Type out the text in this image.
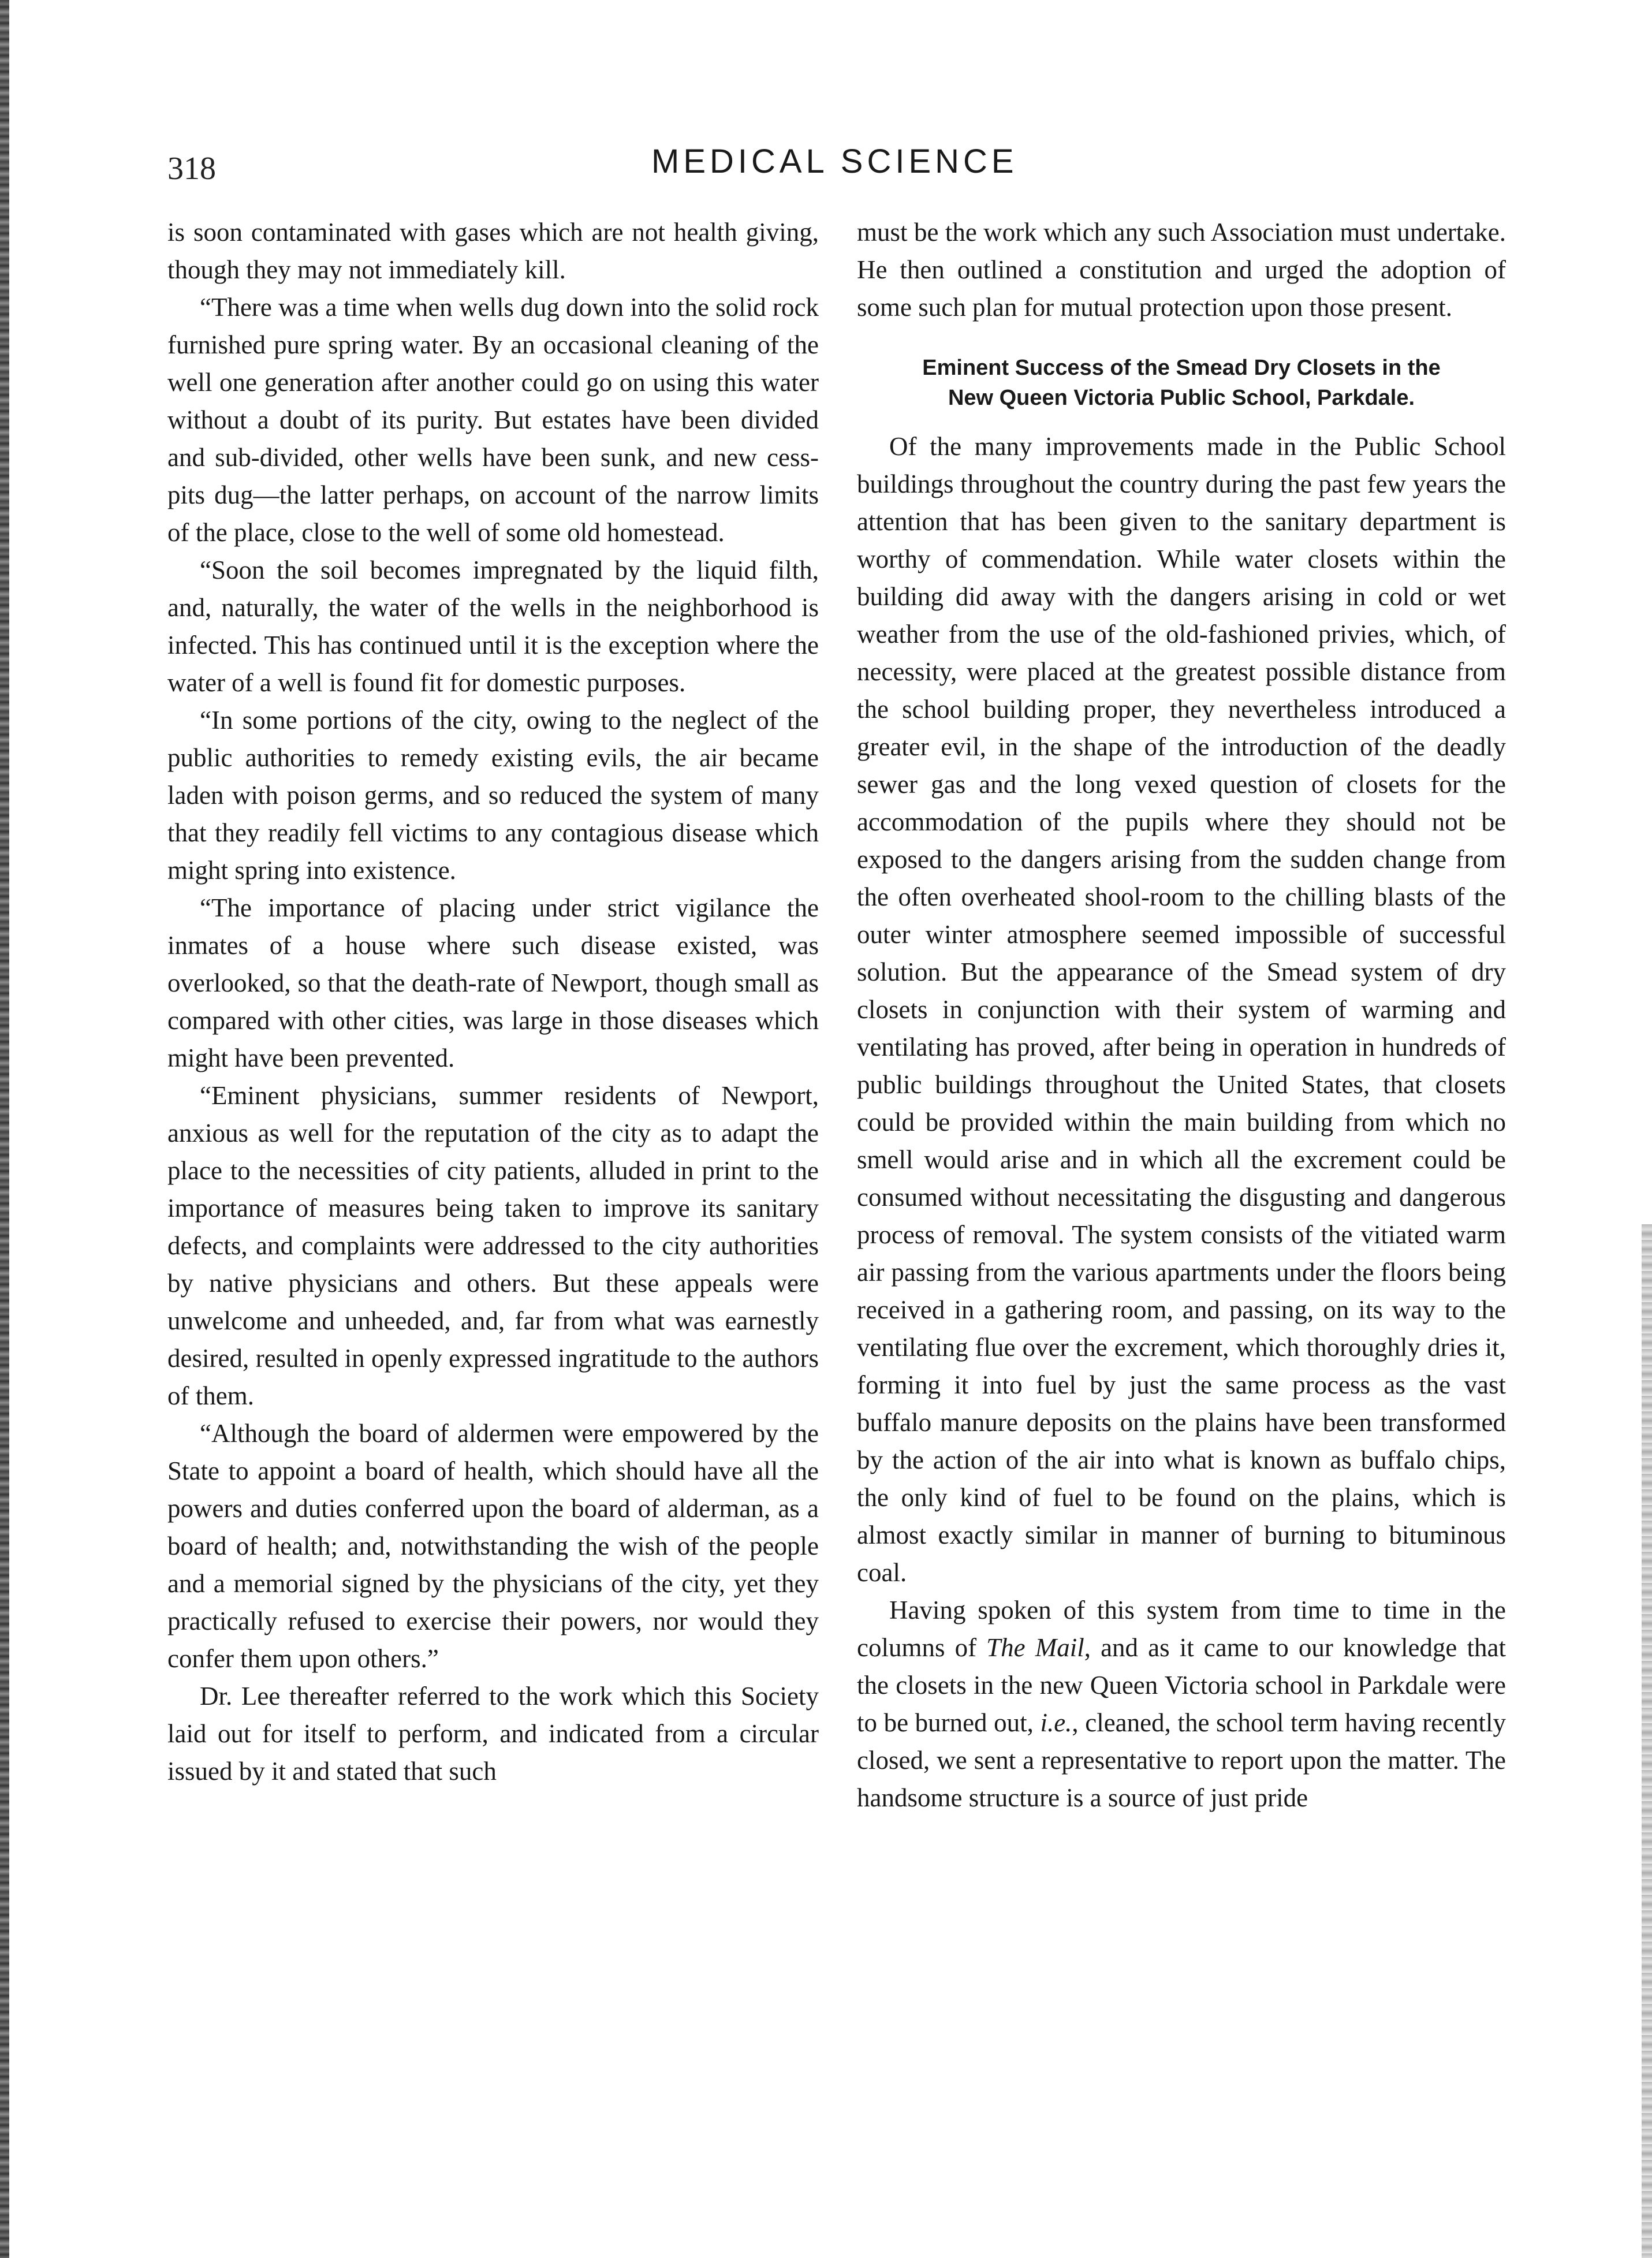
318	MEDICAL SCIENCE

is soon contaminated with gases which are not health giving, though they may not immediately kill.

“There was a time when wells dug down into the solid rock furnished pure spring water. By an occasional cleaning of the well one generation after another could go on using this water without a doubt of its purity. But estates have been divided and sub-divided, other wells have been sunk, and new cess-pits dug—the latter perhaps, on account of the narrow limits of the place, close to the well of some old homestead.

“Soon the soil becomes impregnated by the liquid filth, and, naturally, the water of the wells in the neighborhood is infected. This has continued until it is the exception where the water of a well is found fit for domestic purposes.

“In some portions of the city, owing to the neglect of the public authorities to remedy existing evils, the air became laden with poison germs, and so reduced the system of many that they readily fell victims to any contagious disease which might spring into existence.

“The importance of placing under strict vigilance the inmates of a house where such disease existed, was overlooked, so that the death-rate of Newport, though small as compared with other cities, was large in those diseases which might have been prevented.

“Eminent physicians, summer residents of Newport, anxious as well for the reputation of the city as to adapt the place to the necessities of city patients, alluded in print to the importance of measures being taken to improve its sanitary defects, and complaints were addressed to the city authorities by native physicians and others. But these appeals were unwelcome and unheeded, and, far from what was earnestly desired, resulted in openly expressed ingratitude to the authors of them.

“Although the board of aldermen were empowered by the State to appoint a board of health, which should have all the powers and duties conferred upon the board of alderman, as a board of health; and, notwithstanding the wish of the people and a memorial signed by the physicians of the city, yet they practically refused to exercise their powers, nor would they confer them upon others.”

Dr. Lee thereafter referred to the work which this Society laid out for itself to perform, and indicated from a circular issued by it and stated that such

must be the work which any such Association must undertake. He then outlined a constitution and urged the adoption of some such plan for mutual protection upon those present.

Eminent Success of the Smead Dry Closets in the
New Queen Victoria Public School, Parkdale.

Of the many improvements made in the Public School buildings throughout the country during the past few years the attention that has been given to the sanitary department is worthy of commendation. While water closets within the building did away with the dangers arising in cold or wet weather from the use of the old-fashioned privies, which, of necessity, were placed at the greatest possible distance from the school building proper, they nevertheless introduced a greater evil, in the shape of the introduction of the deadly sewer gas and the long vexed question of closets for the accommodation of the pupils where they should not be exposed to the dangers arising from the sudden change from the often overheated shool-room to the chilling blasts of the outer winter atmosphere seemed impossible of successful solution. But the appearance of the Smead system of dry closets in conjunction with their system of warming and ventilating has proved, after being in operation in hundreds of public buildings throughout the United States, that closets could be provided within the main building from which no smell would arise and in which all the excrement could be consumed without necessitating the disgusting and dangerous process of removal. The system consists of the vitiated warm air passing from the various apartments under the floors being received in a gathering room, and passing, on its way to the ventilating flue over the excrement, which thoroughly dries it, forming it into fuel by just the same process as the vast buffalo manure deposits on the plains have been transformed by the action of the air into what is known as buffalo chips, the only kind of fuel to be found on the plains, which is almost exactly similar in manner of burning to bituminous coal.

Having spoken of this system from time to time in the columns of The Mail, and as it came to our knowledge that the closets in the new Queen Victoria school in Parkdale were to be burned out, i.e., cleaned, the school term having recently closed, we sent a representative to report upon the matter. The handsome structure is a source of just pride
